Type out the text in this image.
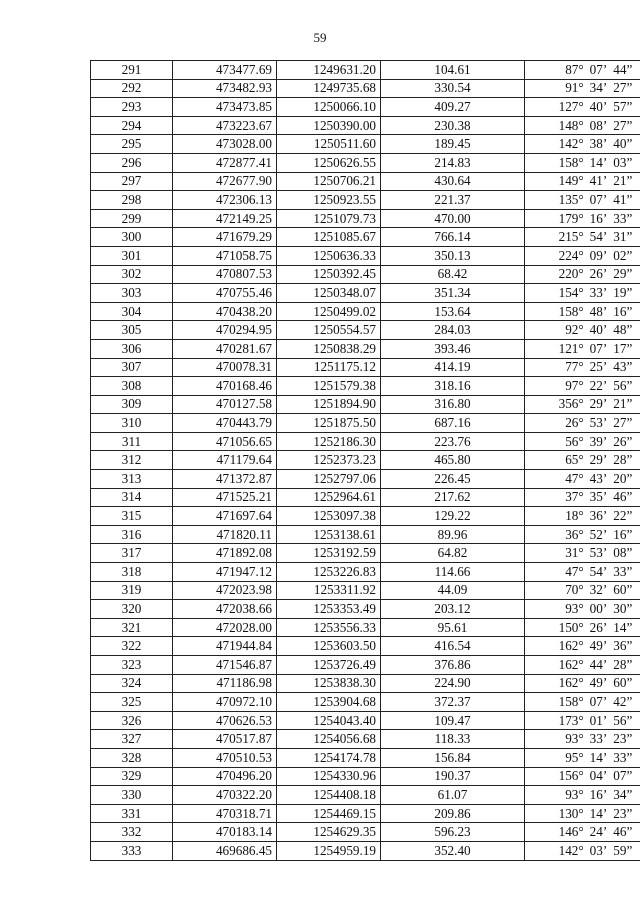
59
291	473477.69	1249631.20	104.61	87° 07’ 44”
292	473482.93	1249735.68	330.54	91° 34’ 27”
293	473473.85	1250066.10	409.27	127° 40’ 57”
294	473223.67	1250390.00	230.38	148° 08’ 27”
295	473028.00	1250511.60	189.45	142° 38’ 40”
296	472877.41	1250626.55	214.83	158° 14’ 03”
297	472677.90	1250706.21	430.64	149° 41’ 21”
298	472306.13	1250923.55	221.37	135° 07’ 41”
299	472149.25	1251079.73	470.00	179° 16’ 33”
300	471679.29	1251085.67	766.14	215° 54’ 31”
301	471058.75	1250636.33	350.13	224° 09’ 02”
302	470807.53	1250392.45	68.42	220° 26’ 29”
303	470755.46	1250348.07	351.34	154° 33’ 19”
304	470438.20	1250499.02	153.64	158° 48’ 16”
305	470294.95	1250554.57	284.03	92° 40’ 48”
306	470281.67	1250838.29	393.46	121° 07’ 17”
307	470078.31	1251175.12	414.19	77° 25’ 43”
308	470168.46	1251579.38	318.16	97° 22’ 56”
309	470127.58	1251894.90	316.80	356° 29’ 21”
310	470443.79	1251875.50	687.16	26° 53’ 27”
311	471056.65	1252186.30	223.76	56° 39’ 26”
312	471179.64	1252373.23	465.80	65° 29’ 28”
313	471372.87	1252797.06	226.45	47° 43’ 20”
314	471525.21	1252964.61	217.62	37° 35’ 46”
315	471697.64	1253097.38	129.22	18° 36’ 22”
316	471820.11	1253138.61	89.96	36° 52’ 16”
317	471892.08	1253192.59	64.82	31° 53’ 08”
318	471947.12	1253226.83	114.66	47° 54’ 33”
319	472023.98	1253311.92	44.09	70° 32’ 60”
320	472038.66	1253353.49	203.12	93° 00’ 30”
321	472028.00	1253556.33	95.61	150° 26’ 14”
322	471944.84	1253603.50	416.54	162° 49’ 36”
323	471546.87	1253726.49	376.86	162° 44’ 28”
324	471186.98	1253838.30	224.90	162° 49’ 60”
325	470972.10	1253904.68	372.37	158° 07’ 42”
326	470626.53	1254043.40	109.47	173° 01’ 56”
327	470517.87	1254056.68	118.33	93° 33’ 23”
328	470510.53	1254174.78	156.84	95° 14’ 33”
329	470496.20	1254330.96	190.37	156° 04’ 07”
330	470322.20	1254408.18	61.07	93° 16’ 34”
331	470318.71	1254469.15	209.86	130° 14’ 23”
332	470183.14	1254629.35	596.23	146° 24’ 46”
333	469686.45	1254959.19	352.40	142° 03’ 59”
